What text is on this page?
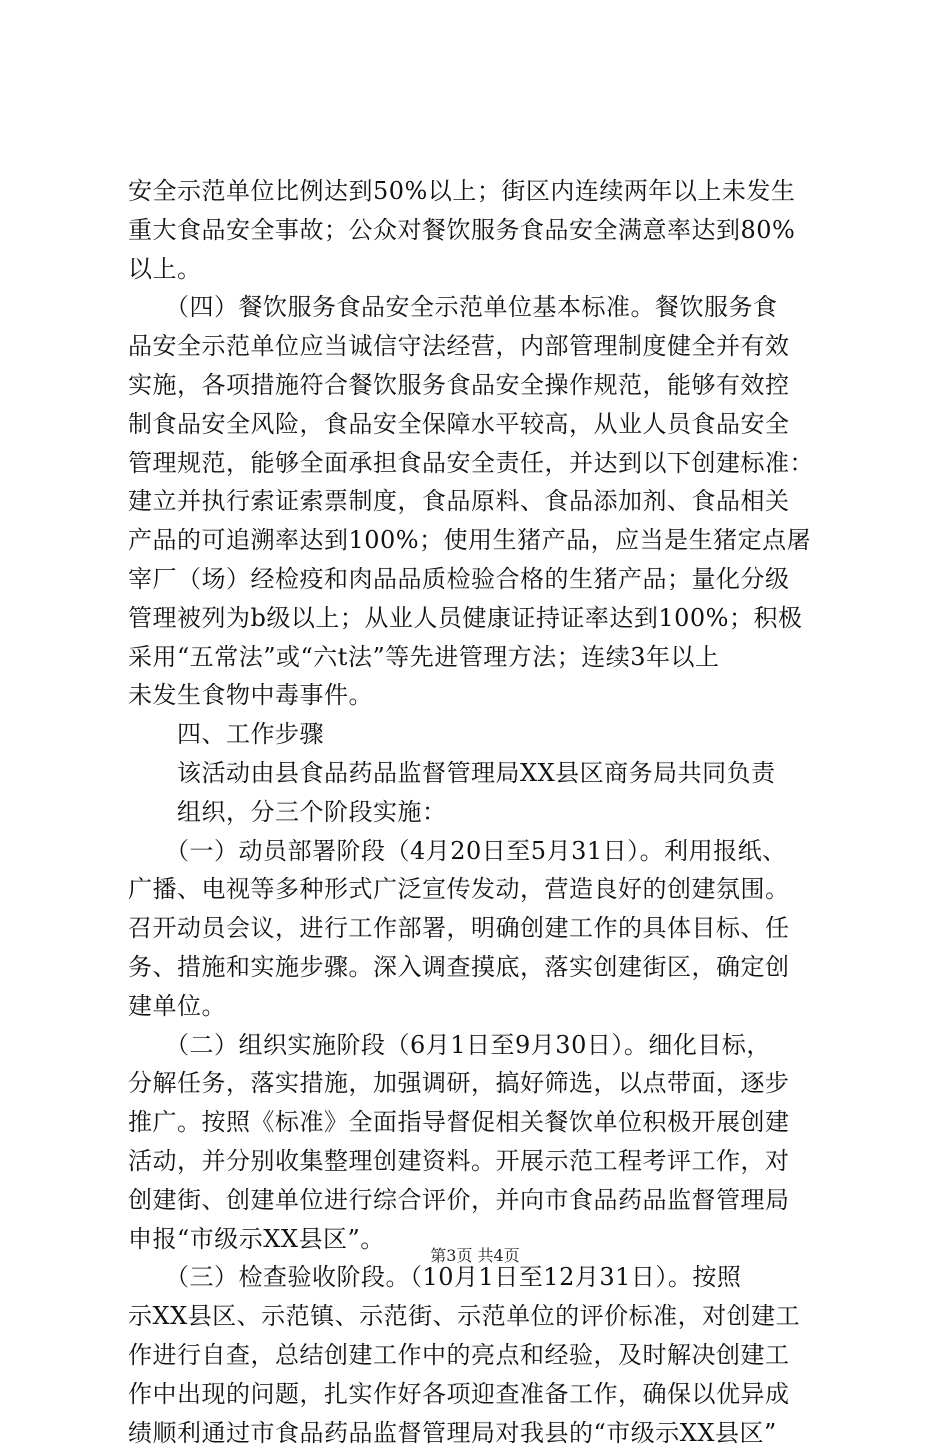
安全示范单位比例达到50%以上；街区内连续两年以上未发生
重大食品安全事故；公众对餐饮服务食品安全满意率达到80%
以上。
　　（四）餐饮服务食品安全示范单位基本标准。餐饮服务食
品安全示范单位应当诚信守法经营，内部管理制度健全并有效
实施，各项措施符合餐饮服务食品安全操作规范，能够有效控
制食品安全风险，食品安全保障水平较高，从业人员食品安全
管理规范，能够全面承担食品安全责任，并达到以下创建标准：
建立并执行索证索票制度，食品原料、食品添加剂、食品相关
产品的可追溯率达到100%；使用生猪产品，应当是生猪定点屠
宰厂（场）经检疫和肉品品质检验合格的生猪产品；量化分级
管理被列为b级以上；从业人员健康证持证率达到100%；积极
采用“五常法”或“六t法”等先进管理方法；连续3年以上
未发生食物中毒事件。
　　四、工作步骤
　　该活动由县食品药品监督管理局XX县区商务局共同负责
　　组织，分三个阶段实施：
　　（一）动员部署阶段（4月20日至5月31日）。利用报纸、
广播、电视等多种形式广泛宣传发动，营造良好的创建氛围。
召开动员会议，进行工作部署，明确创建工作的具体目标、任
务、措施和实施步骤。深入调查摸底，落实创建街区，确定创
建单位。
　　（二）组织实施阶段（6月1日至9月30日）。细化目标，
分解任务，落实措施，加强调研，搞好筛选，以点带面，逐步
推广。按照《标准》全面指导督促相关餐饮单位积极开展创建
活动，并分别收集整理创建资料。开展示范工程考评工作，对
创建街、创建单位进行综合评价，并向市食品药品监督管理局
申报“市级示XX县区”。
　　（三）检查验收阶段。（10月1日至12月31日）。按照
示XX县区、示范镇、示范街、示范单位的评价标准，对创建工
作进行自查，总结创建工作中的亮点和经验，及时解决创建工
作中出现的问题，扎实作好各项迎查准备工作，确保以优异成
绩顺利通过市食品药品监督管理局对我县的“市级示XX县区”
第3页 共4页
